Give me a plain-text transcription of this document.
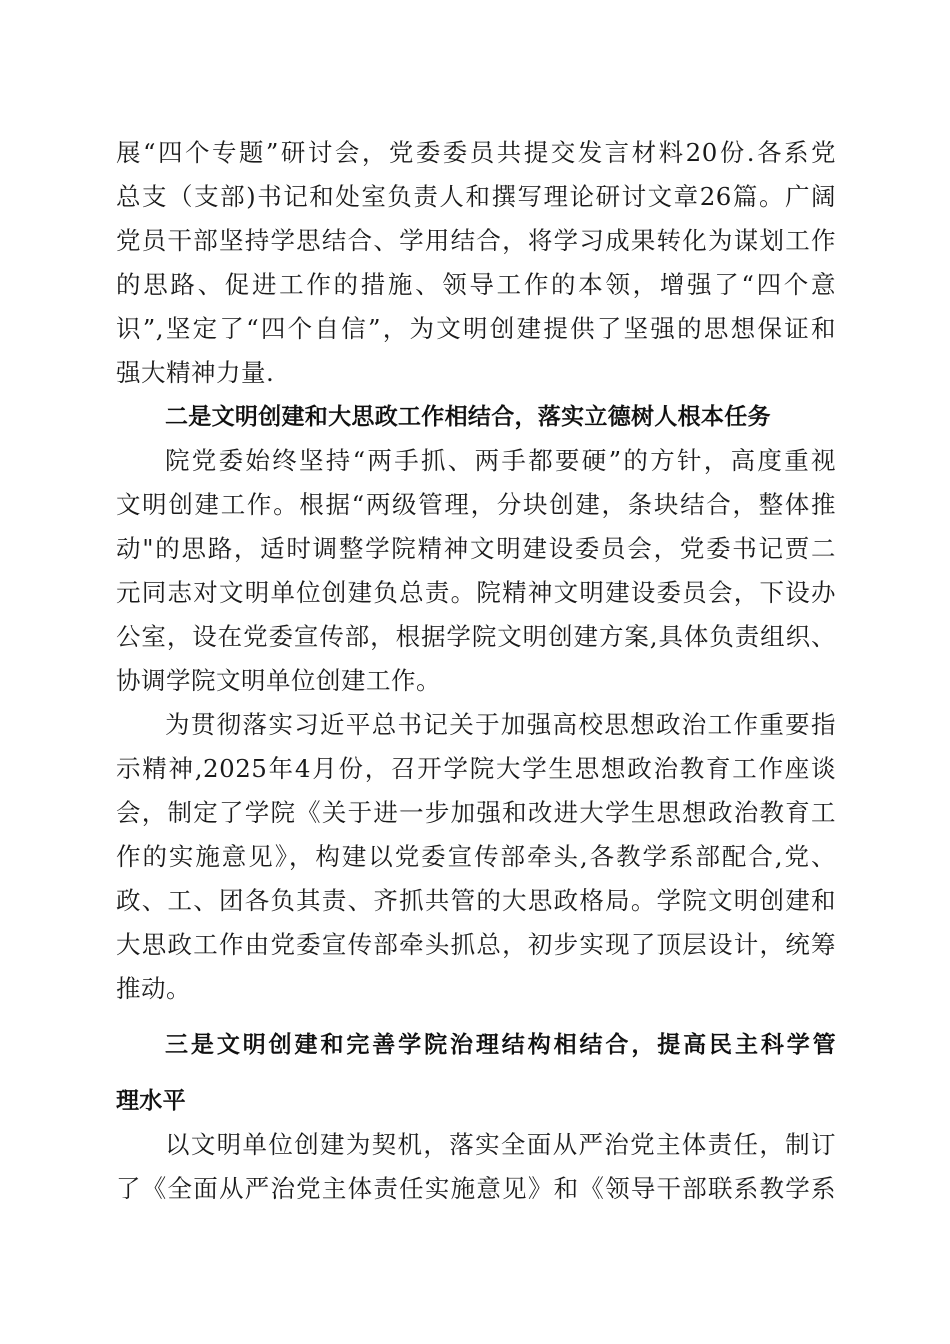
展“四个专题”研讨会，党委委员共提交发言材料20份.各系党
总支（支部)书记和处室负责人和撰写理论研讨文章26篇。广阔
党员干部坚持学思结合、学用结合，将学习成果转化为谋划工作
的思路、促进工作的措施、领导工作的本领，增强了“四个意
识”,坚定了“四个自信”，为文明创建提供了坚强的思想保证和
强大精神力量.
二是文明创建和大思政工作相结合，落实立德树人根本任务
院党委始终坚持“两手抓、两手都要硬”的方针，高度重视
文明创建工作。根据“两级管理，分块创建，条块结合，整体推
动"的思路，适时调整学院精神文明建设委员会，党委书记贾二
元同志对文明单位创建负总责。院精神文明建设委员会，下设办
公室，设在党委宣传部，根据学院文明创建方案,具体负责组织、
协调学院文明单位创建工作。
为贯彻落实习近平总书记关于加强高校思想政治工作重要指
示精神,2025年4月份，召开学院大学生思想政治教育工作座谈
会，制定了学院《关于进一步加强和改进大学生思想政治教育工
作的实施意见》，构建以党委宣传部牵头,各教学系部配合,党、
政、工、团各负其责、齐抓共管的大思政格局。学院文明创建和
大思政工作由党委宣传部牵头抓总，初步实现了顶层设计，统筹
推动。
三是文明创建和完善学院治理结构相结合，提高民主科学管
理水平
以文明单位创建为契机，落实全面从严治党主体责任，制订
了《全面从严治党主体责任实施意见》和《领导干部联系教学系
